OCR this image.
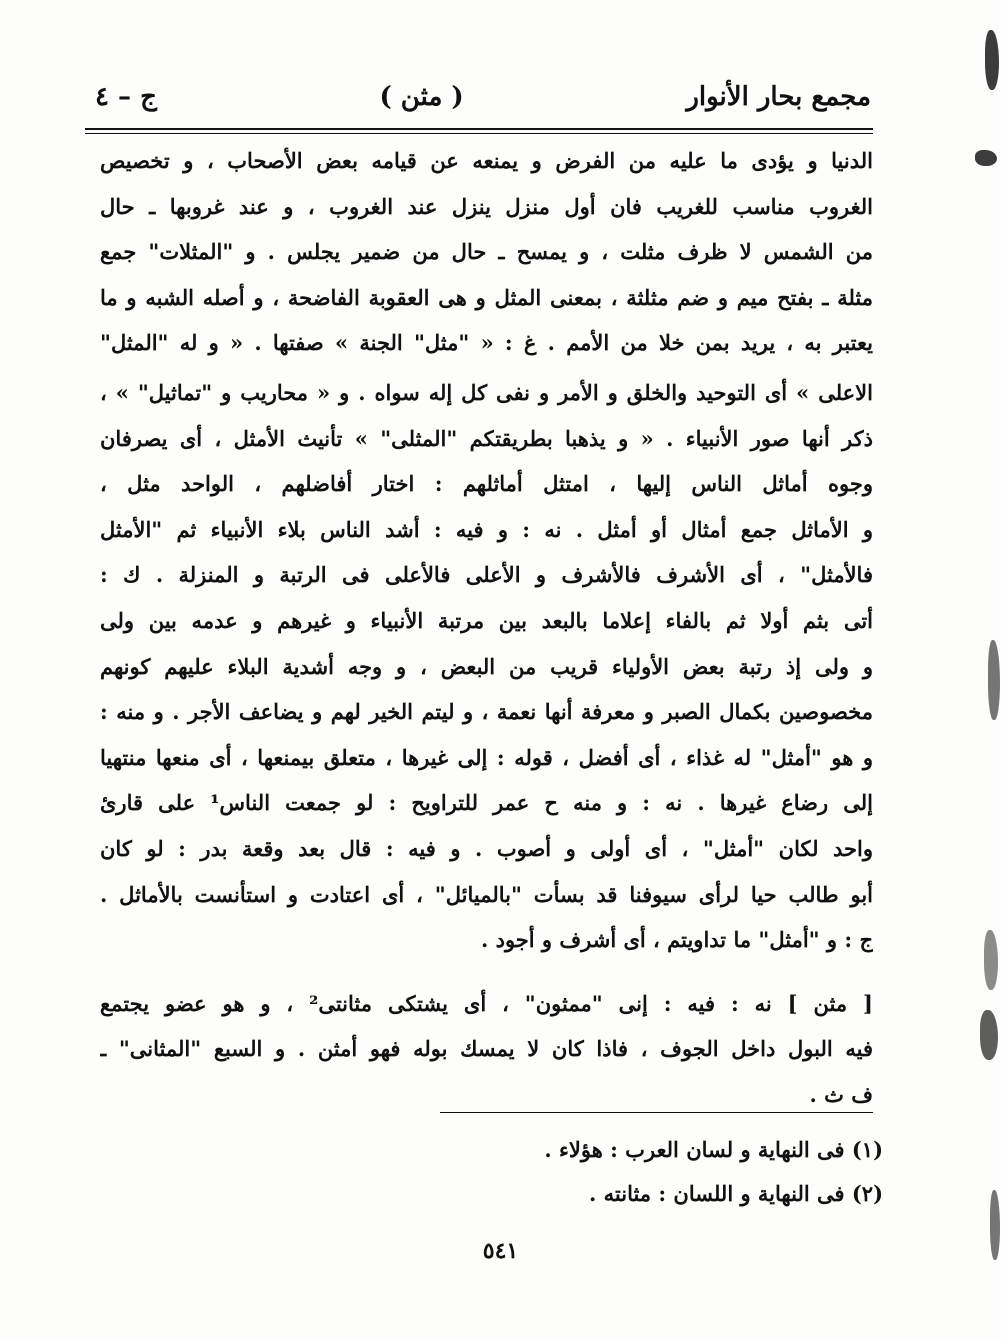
مجمع بحار الأنوار
( مثن )
ج – ٤
الدنيا و يؤدى ما عليه من الفرض و يمنعه عن قيامه بعض الأصحاب ، و تخصيص
الغروب مناسب للغريب فان أول منزل ينزل عند الغروب ، و عند غروبها ـ حال
من الشمس لا ظرف مثلت ، و يمسح ـ حال من ضمير يجلس . و "المثلات" جمع
مثلة ـ بفتح ميم و ضم مثلثة ، بمعنى المثل و هى العقوبة الفاضحة ، و أصله الشبه و ما
يعتبر به ، يريد بمن خلا من الأمم . غ : « "مثل" الجنة » صفتها . « و له "المثل"
الاعلى » أى التوحيد والخلق و الأمر و نفى كل إله سواه . و « محاريب و "تماثيل" » ،
ذكر أنها صور الأنبياء . « و يذهبا بطريقتكم "المثلى" » تأنيث الأمثل ، أى يصرفان
وجوه أماثل الناس إليها ، امتثل أماثلهم : اختار أفاضلهم ، الواحد مثل ،
و الأماثل جمع أمثال أو أمثل . نه : و فيه : أشد الناس بلاء الأنبياء ثم "الأمثل
فالأمثل" ، أى الأشرف فالأشرف و الأعلى فالأعلى فى الرتبة و المنزلة . ك :
أتى بثم أولا ثم بالفاء إعلاما بالبعد بين مرتبة الأنبياء و غيرهم و عدمه بين ولى
و ولى إذ رتبة بعض الأولياء قريب من البعض ، و وجه أشدية البلاء عليهم كونهم
مخصوصين بكمال الصبر و معرفة أنها نعمة ، و ليتم الخير لهم و يضاعف الأجر . و منه :
و هو "أمثل" له غذاء ، أى أفضل ، قوله : إلى غيرها ، متعلق بيمنعها ، أى منعها منتهيا
إلى رضاع غيرها . نه : و منه ح عمر للتراويح : لو جمعت الناس¹ على قارئ
واحد لكان "أمثل" ، أى أولى و أصوب . و فيه : قال بعد وقعة بدر : لو كان
أبو طالب حيا لرأى سيوفنا قد بسأت "بالميائل" ، أى اعتادت و استأنست بالأماثل .
ج : و "أمثل" ما تداويتم ، أى أشرف و أجود .
[ مثن ] نه : فيه : إنى "ممثون" ، أى يشتكى مثانتى² ، و هو عضو يجتمع
فيه البول داخل الجوف ، فاذا كان لا يمسك بوله فهو أمثن . و السبع "المثانى" ـ
ف ث .
(١) فى النهاية و لسان العرب : هؤلاء .
(٢) فى النهاية و اللسان : مثانته .
٥٤١
